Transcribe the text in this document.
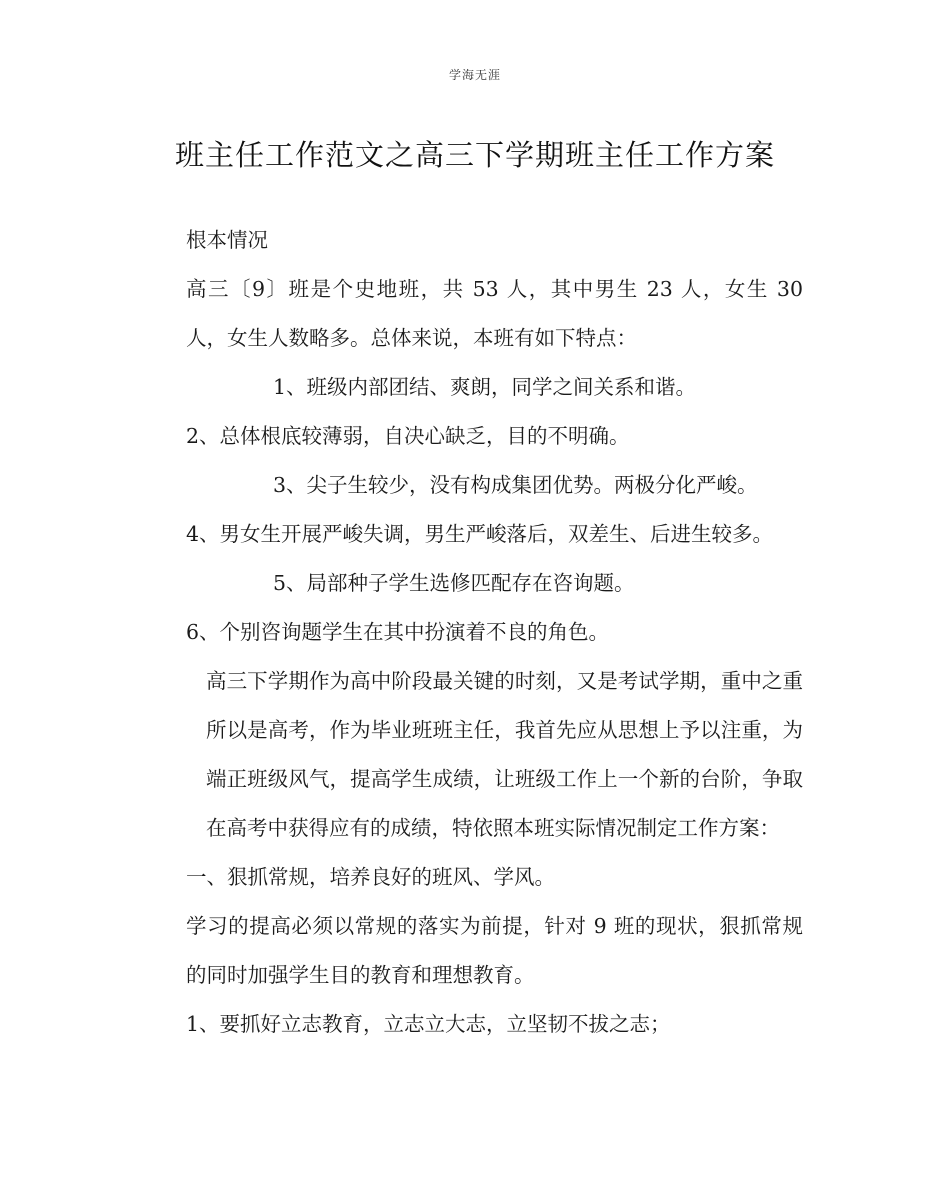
学海无涯
班主任工作范文之高三下学期班主任工作方案

根本情况

高三〔9〕班是个史地班，共 53 人，其中男生 23 人，女生 30 人，女生人数略多。总体来说，本班有如下特点：

1、班级内部团结、爽朗，同学之间关系和谐。

2、总体根底较薄弱，自决心缺乏，目的不明确。

3、尖子生较少，没有构成集团优势。两极分化严峻。

4、男女生开展严峻失调，男生严峻落后，双差生、后进生较多。

5、局部种子学生选修匹配存在咨询题。

6、个别咨询题学生在其中扮演着不良的角色。

高三下学期作为高中阶段最关键的时刻，又是考试学期，重中之重所以是高考，作为毕业班班主任，我首先应从思想上予以注重，为端正班级风气，提高学生成绩，让班级工作上一个新的台阶，争取在高考中获得应有的成绩，特依照本班实际情况制定工作方案：

一、狠抓常规，培养良好的班风、学风。

学习的提高必须以常规的落实为前提，针对 9 班的现状，狠抓常规的同时加强学生目的教育和理想教育。

1、要抓好立志教育，立志立大志，立坚韧不拔之志；
